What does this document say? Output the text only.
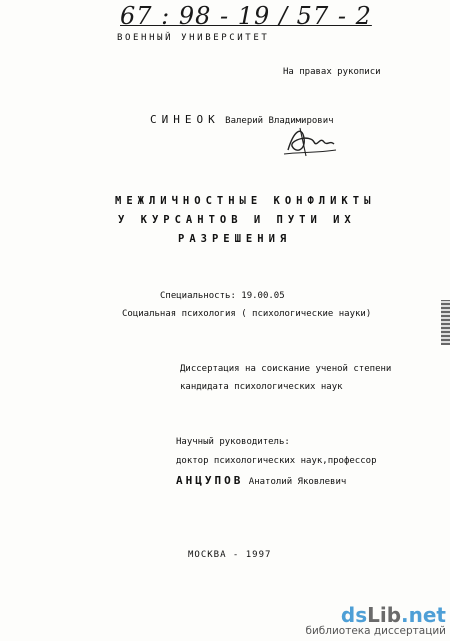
67 : 98 - 19 / 57 - 2
ВОЕННЫЙ УНИВЕРСИТЕТ
На правах рукописи
СИНЕОК Валерий Владимирович
МЕЖЛИЧНОСТНЫЕ КОНФЛИКТЫ
У КУРСАНТОВ И ПУТИ ИХ
РАЗРЕШЕНИЯ
Специальность: 19.00.05
Социальная психология ( психологические науки)
Диссертация на соискание ученой степени
кандидата психологических наук
Научный руководитель:
доктор психологических наук,профессор
АНЦУПОВ Анатолий Яковлевич
МОСКВА - 1997
dsLib.net
библиотека диссертаций
